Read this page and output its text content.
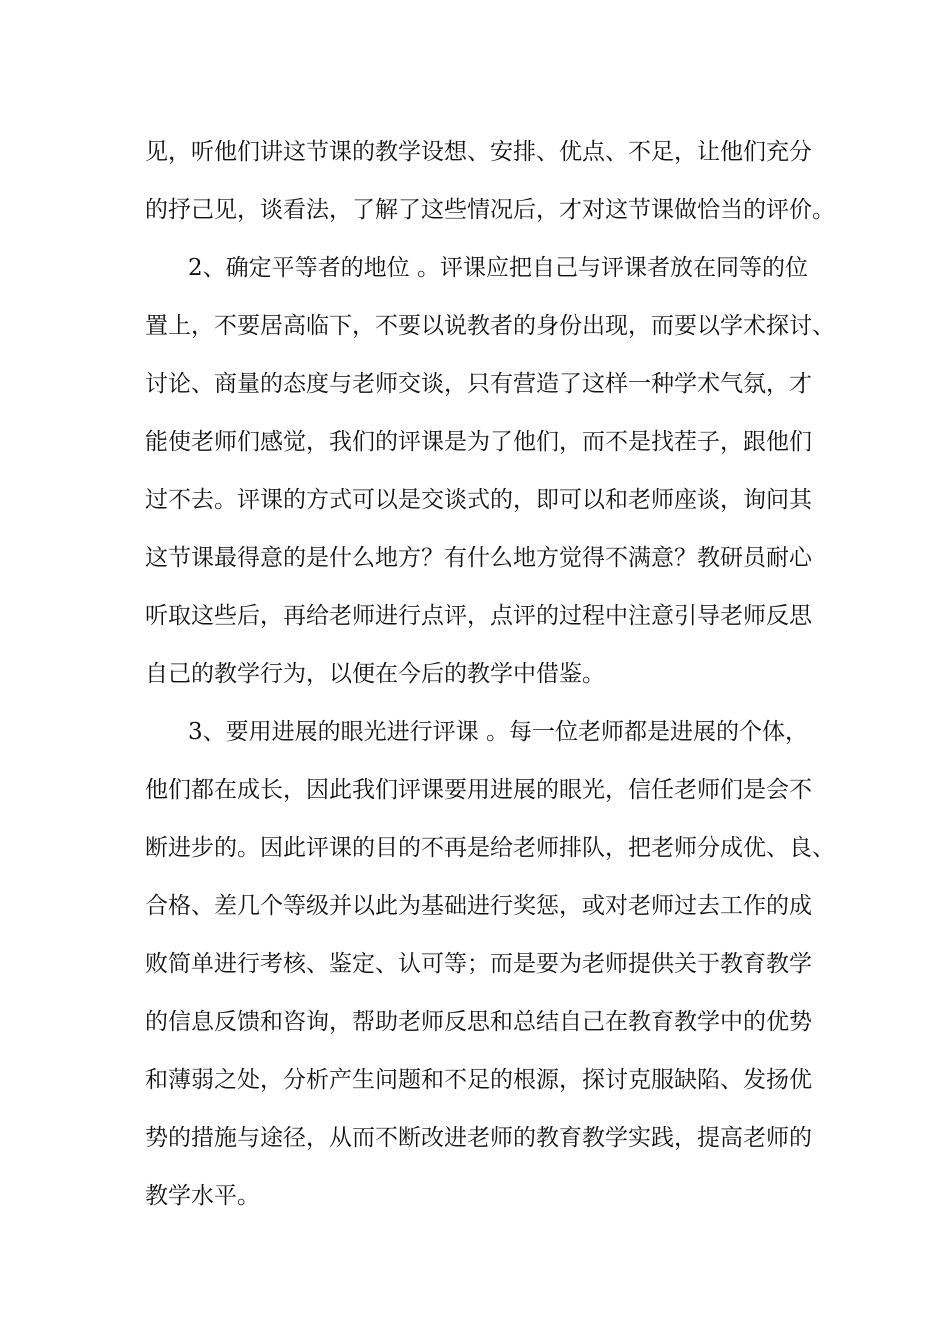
见，听他们讲这节课的教学设想、安排、优点、不足，让他们充分
的抒己见，谈看法，了解了这些情况后，才对这节课做恰当的评价。
2、确定平等者的地位 。评课应把自己与评课者放在同等的位
置上，不要居高临下，不要以说教者的身份出现，而要以学术探讨、
讨论、商量的态度与老师交谈，只有营造了这样一种学术气氛，才
能使老师们感觉，我们的评课是为了他们，而不是找茬子，跟他们
过不去。评课的方式可以是交谈式的，即可以和老师座谈，询问其
这节课最得意的是什么地方？有什么地方觉得不满意？教研员耐心
听取这些后，再给老师进行点评，点评的过程中注意引导老师反思
自己的教学行为，以便在今后的教学中借鉴。
3、要用进展的眼光进行评课 。每一位老师都是进展的个体，
他们都在成长，因此我们评课要用进展的眼光，信任老师们是会不
断进步的。因此评课的目的不再是给老师排队，把老师分成优、良、
合格、差几个等级并以此为基础进行奖惩，或对老师过去工作的成
败简单进行考核、鉴定、认可等；而是要为老师提供关于教育教学
的信息反馈和咨询，帮助老师反思和总结自己在教育教学中的优势
和薄弱之处，分析产生问题和不足的根源，探讨克服缺陷、发扬优
势的措施与途径，从而不断改进老师的教育教学实践，提高老师的
教学水平。
